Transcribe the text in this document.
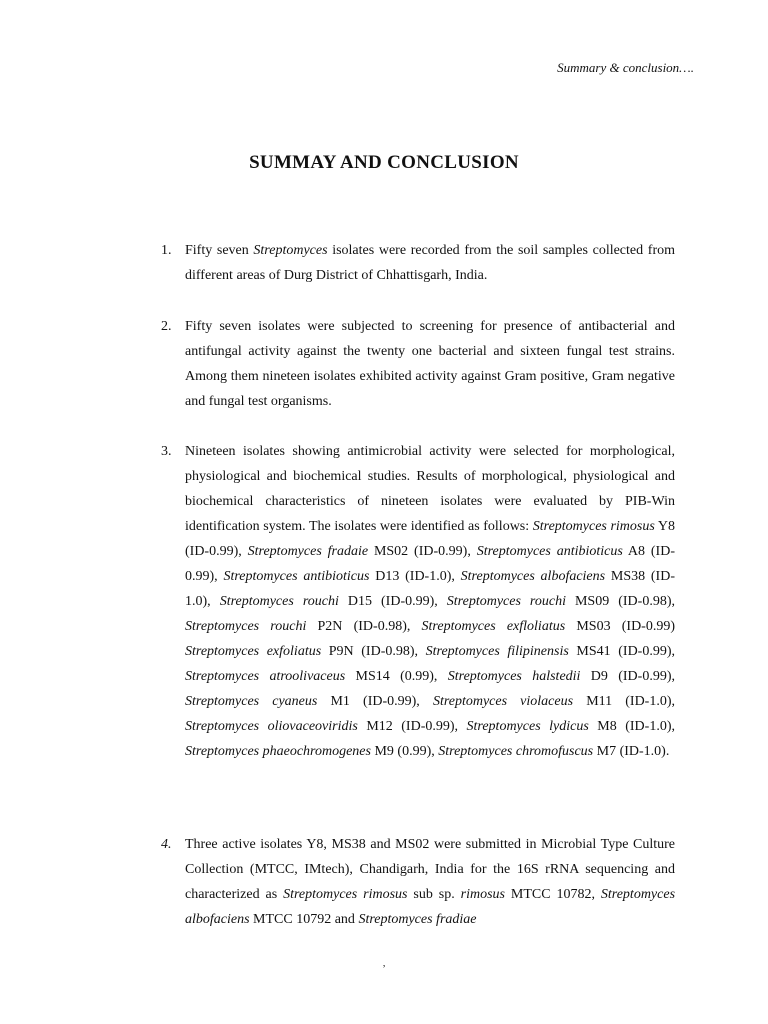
Summary & conclusion….
SUMMAY AND CONCLUSION

1. Fifty seven Streptomyces isolates were recorded from the soil samples collected from different areas of Durg District of Chhattisgarh, India.

2. Fifty seven isolates were subjected to screening for presence of antibacterial and antifungal activity against the twenty one bacterial and sixteen fungal test strains. Among them nineteen isolates exhibited activity against Gram positive, Gram negative and fungal test organisms.

3. Nineteen isolates showing antimicrobial activity were selected for morphological, physiological and biochemical studies. Results of morphological, physiological and biochemical characteristics of nineteen isolates were evaluated by PIB-Win identification system. The isolates were identified as follows: Streptomyces rimosus Y8 (ID-0.99), Streptomyces fradaie MS02 (ID-0.99), Streptomyces antibioticus A8 (ID-0.99), Streptomyces antibioticus D13 (ID-1.0), Streptomyces albofaciens MS38 (ID-1.0), Streptomyces rouchi D15 (ID-0.99), Streptomyces rouchi MS09 (ID-0.98), Streptomyces rouchi P2N (ID-0.98), Streptomyces exfloliatus MS03 (ID-0.99) Streptomyces exfoliatus P9N (ID-0.98), Streptomyces filipinensis MS41 (ID-0.99), Streptomyces atroolivaceus MS14 (0.99), Streptomyces halstedii D9 (ID-0.99), Streptomyces cyaneus M1 (ID-0.99), Streptomyces violaceus M11 (ID-1.0), Streptomyces oliovaceoviridis M12 (ID-0.99), Streptomyces lydicus M8 (ID-1.0), Streptomyces phaeochromogenes M9 (0.99), Streptomyces chromofuscus M7 (ID-1.0).

4. Three active isolates Y8, MS38 and MS02 were submitted in Microbial Type Culture Collection (MTCC, IMtech), Chandigarh, India for the 16S rRNA sequencing and characterized as Streptomyces rimosus sub sp. rimosus MTCC 10782, Streptomyces albofaciens MTCC 10792 and Streptomyces fradiae

’
